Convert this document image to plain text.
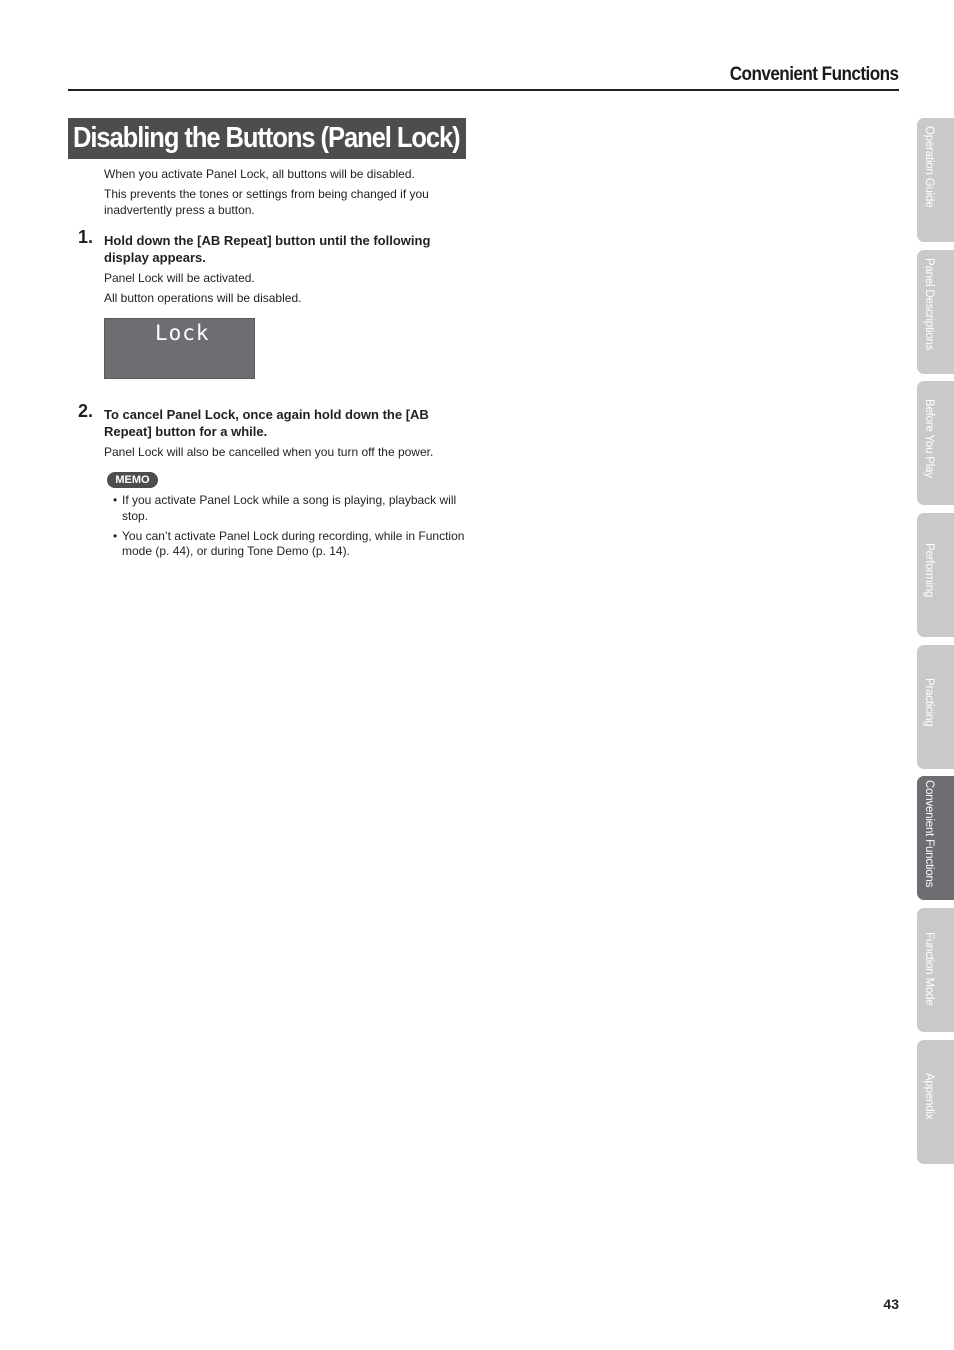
Convenient Functions
Disabling the Buttons (Panel Lock)
When you activate Panel Lock, all buttons will be disabled.
This prevents the tones or settings from being changed if you
inadvertently press a button.
1. Hold down the [AB Repeat] button until the following
display appears.
Panel Lock will be activated.
All button operations will be disabled.
Lock
2. To cancel Panel Lock, once again hold down the [AB
Repeat] button for a while.
Panel Lock will also be cancelled when you turn off the power.
MEMO
• If you activate Panel Lock while a song is playing, playback will
stop.
• You can’t activate Panel Lock during recording, while in Function
mode (p. 44), or during Tone Demo (p. 14).
Operation Guide
Panel Descriptions
Before You Play
Performing
Practicing
Convenient Functions
Function Mode
Appendix
43
